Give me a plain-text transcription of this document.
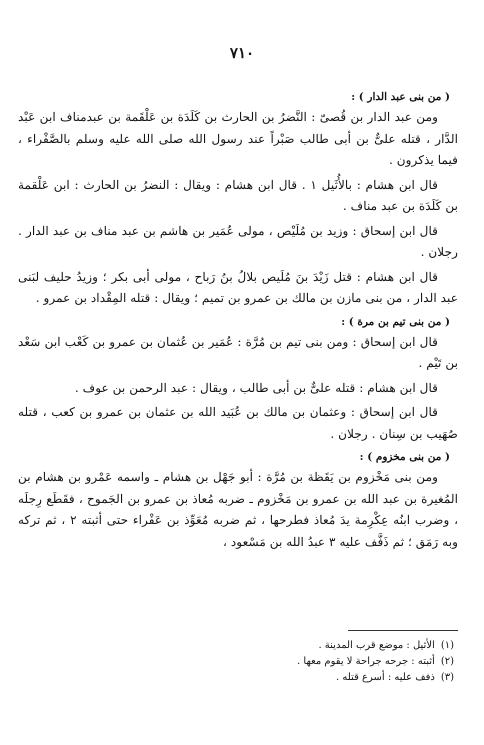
٧١٠
( من بنى عبد الدار ) :

ومن عبد الدار بن قُصىّ : النَّضرُ بن الحارث بن كَلَدَة بن عَلْقَمة بن عبدمناف ابن عَبْد الدَّار ، قتله علىٌّ بن أبى طالب صَبْراً عند رسول الله صلى الله عليه وسلم بالصَّفْراء ، فيما يذكرون .

قال ابن هشام : بالأُثَيل ١ . قال ابن هشام : ويقال : النضرُ بن الحارث : ابن عَلْقمة بن كَلَدَة بن عبد مناف .

قال ابن إسحاق : وزيد بن مُلَيْص ، مولى عُمَير بن هاشم بن عبد مناف بن عبد الدار . رجلان .

قال ابن هشام : قتل زَيْدَ بنَ مُلَيص بلالُ بنُ رَباح ، مولى أبى بكر ؛ وزيدُ حليف لبَنى عبد الدار ، من بنى مازن بن مالك بن عمرو بن تميم ؛ ويقال : قتله المِقْداد بن عمرو .

( من بنى تيم بن مرة ) :

قال ابن إسحاق : ومن بنى تيم بن مُرَّة : عُمَير بن عُثمان بن عمرو بن كَعْب ابن سَعْد بن تَيْم .

قال ابن هشام : قتله علىٌّ بن أبى طالب ، ويقال : عبد الرحمن بن عوف .

قال ابن إسحاق : وعثمان بن مالك بن عُبَيد الله بن عثمان بن عمرو بن كعب ، قتله صُهَيب بن سِنان . رجلان .

( من بنى مخزوم ) :

ومن بنى مَخْزوم بن يَقَظة بن مُرَّة : أبو جَهْل بن هشام ـ واسمه عَمْرو بن هشام بن المُغيرة بن عبد الله بن عمرو بن مَخْزوم ـ ضربه مُعاذ بن عمرو بن الجَموح ، فقَطَع رِجلَه ، وضرب ابنُه عِكْرِمة يدَ مُعاذ فطرحها ، ثم ضربه مُعَوِّذ بن عَفْراء حتى أثبته ٢ ، ثم تركه وبه رَمَق ؛ ثم ذَفَّف عليه ٣ عبدُ الله بن مَسْعود ،

(١)
الأثيل : موضع قرب المدينة .
(٢)
أثبته : جرحه جراحة لا يقوم معها .
(٣)
ذفف عليه : أسرع قتله .
